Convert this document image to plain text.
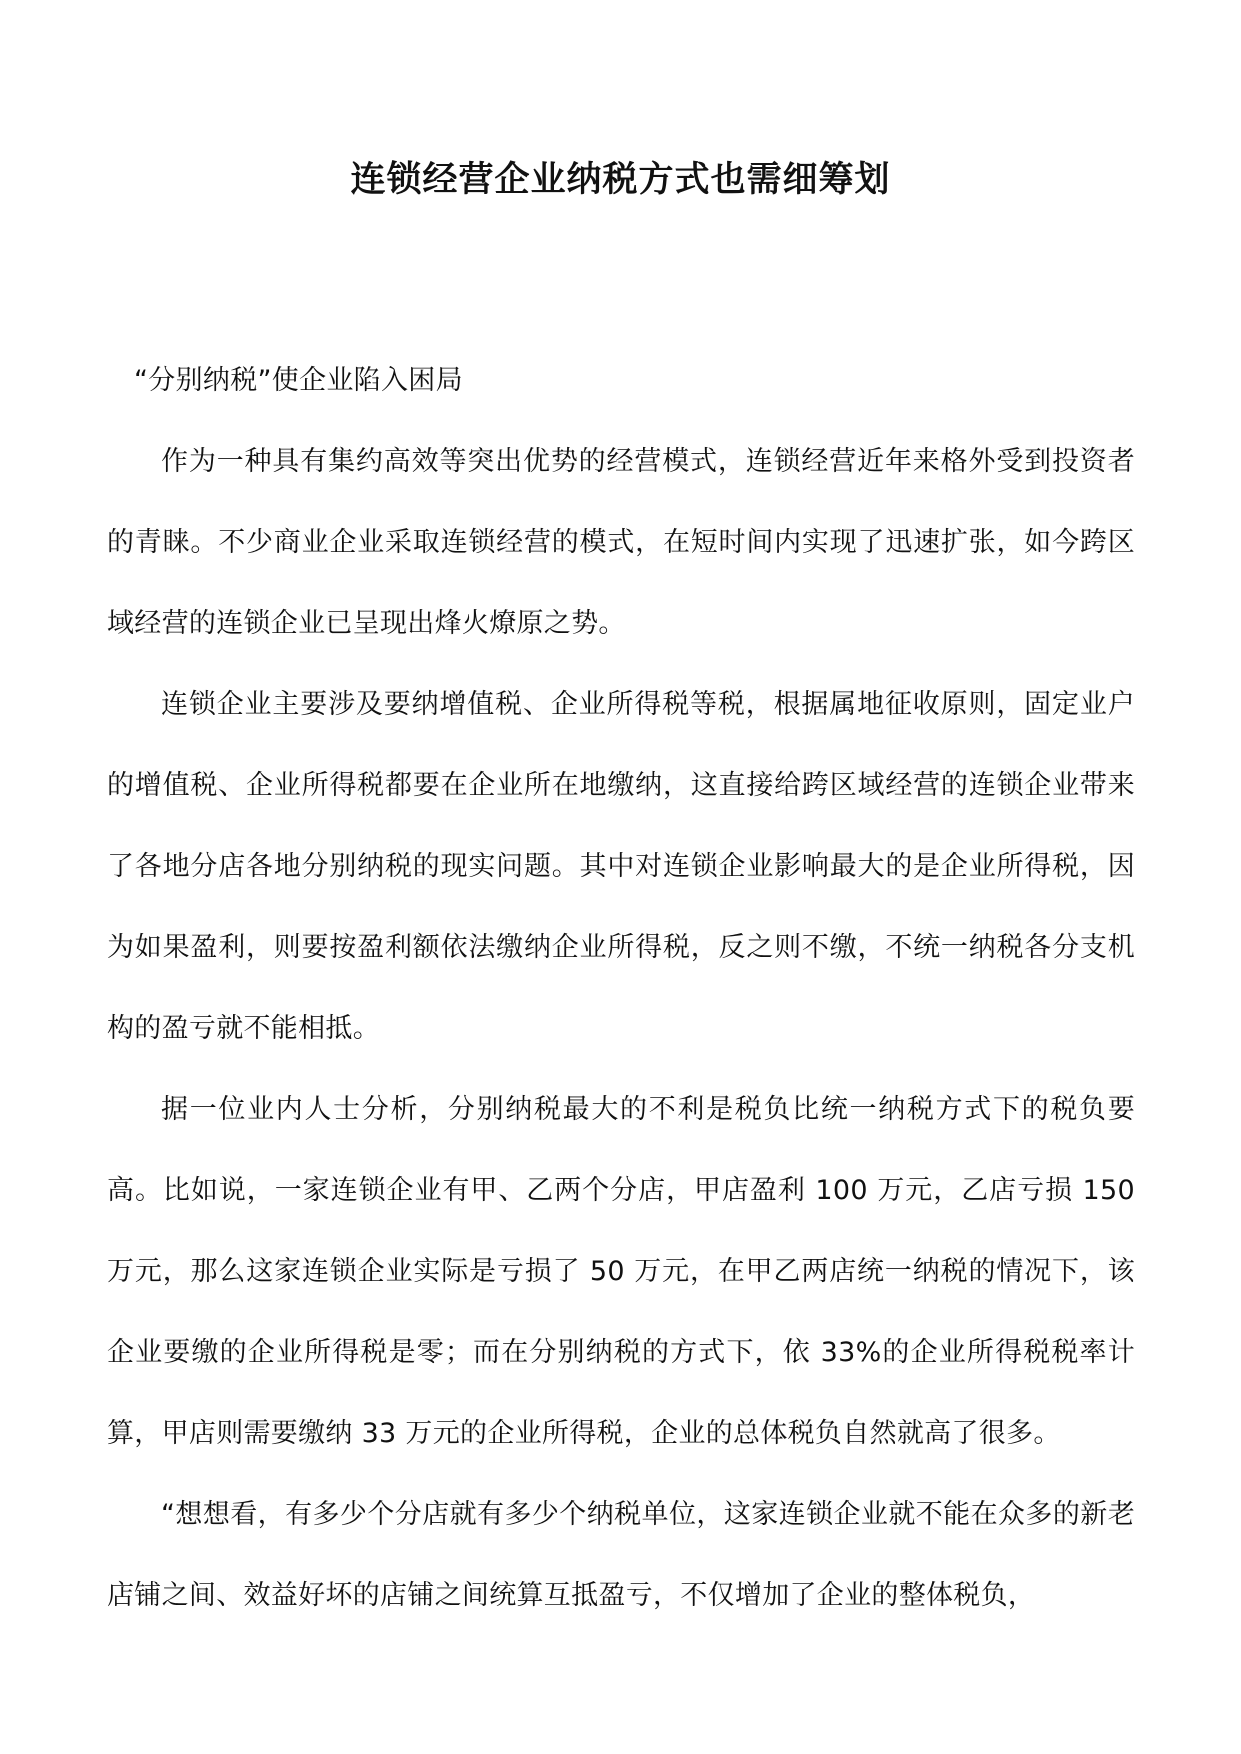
连锁经营企业纳税方式也需细筹划

“分别纳税”使企业陷入困局

作为一种具有集约高效等突出优势的经营模式，连锁经营近年来格外受到投资者的青睐。不少商业企业采取连锁经营的模式，在短时间内实现了迅速扩张，如今跨区域经营的连锁企业已呈现出烽火燎原之势。

连锁企业主要涉及要纳增值税、企业所得税等税，根据属地征收原则，固定业户的增值税、企业所得税都要在企业所在地缴纳，这直接给跨区域经营的连锁企业带来了各地分店各地分别纳税的现实问题。其中对连锁企业影响最大的是企业所得税，因为如果盈利，则要按盈利额依法缴纳企业所得税，反之则不缴，不统一纳税各分支机构的盈亏就不能相抵。

据一位业内人士分析，分别纳税最大的不利是税负比统一纳税方式下的税负要高。比如说，一家连锁企业有甲、乙两个分店，甲店盈利 100 万元，乙店亏损 150 万元，那么这家连锁企业实际是亏损了 50 万元，在甲乙两店统一纳税的情况下，该企业要缴的企业所得税是零；而在分别纳税的方式下，依 33%的企业所得税税率计算，甲店则需要缴纳 33 万元的企业所得税，企业的总体税负自然就高了很多。

“想想看，有多少个分店就有多少个纳税单位，这家连锁企业就不能在众多的新老店铺之间、效益好坏的店铺之间统算互抵盈亏，不仅增加了企业的整体税负，
